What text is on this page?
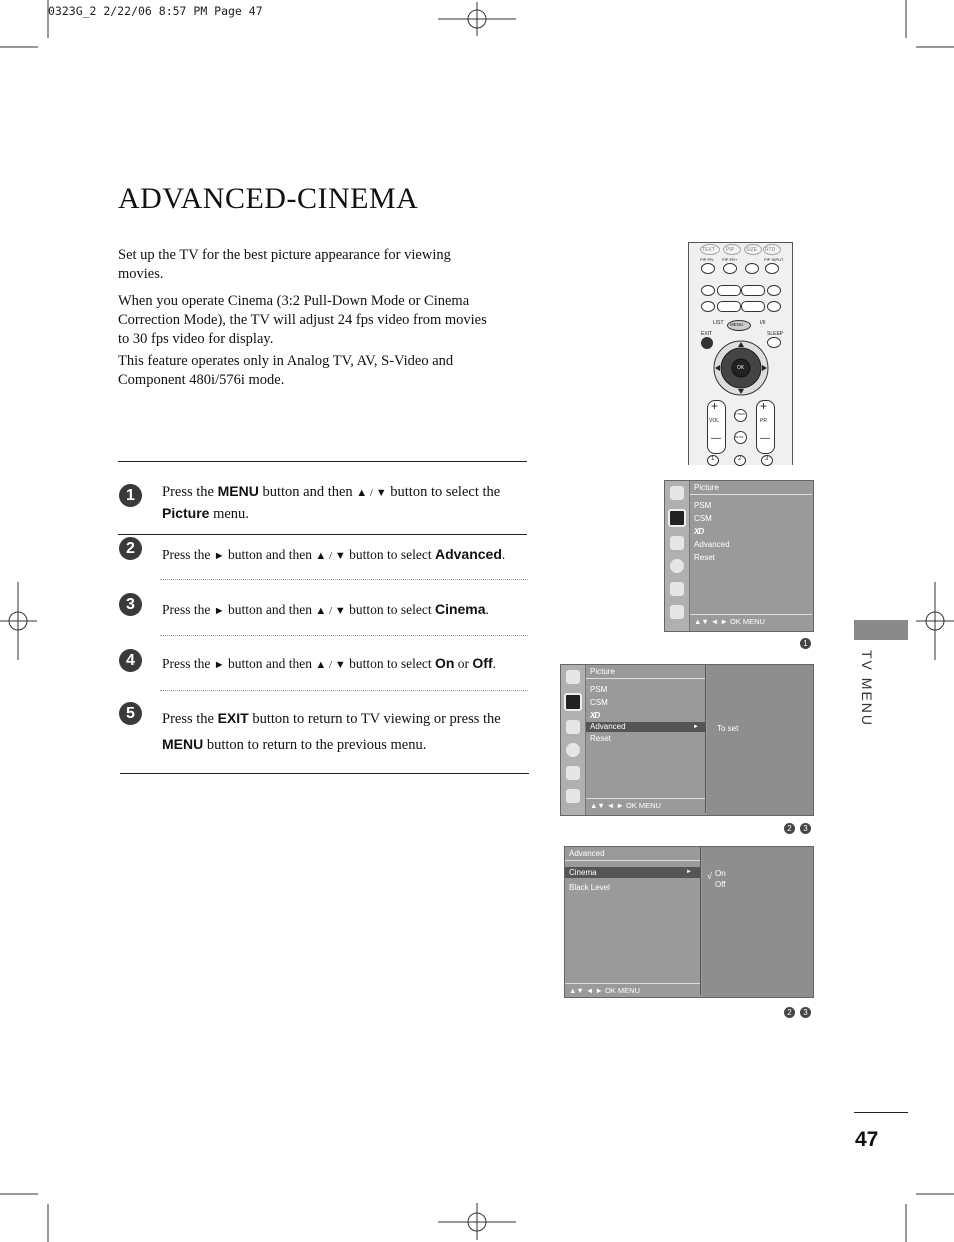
0323G_2 2/22/06 8:57 PM Page 47
ADVANCED-CINEMA
Set up the TV for the best picture appearance for viewing movies.
When you operate Cinema (3:2 Pull-Down Mode or Cinema Correction Mode), the TV will adjust 24 fps video from movies to 30 fps video for display.
This feature operates only in Analog TV, AV, S-Video and Component 480i/576i mode.
1	Press the MENU button and then ▲ / ▼ button to select the Picture menu.
2	Press the ► button and then ▲ / ▼ button to select Advanced.
3	Press the ► button and then ▲ / ▼ button to select Cinema.
4	Press the ► button and then ▲ / ▼ button to select On or Off.
5	Press the EXIT button to return to TV viewing or press the MENU button to return to the previous menu.
TEXT PIP SIZE RTD
PIP PR- PIP PR+	PIP INPUT
LIST	I/II
MENU
EXIT	SLEEP
OK
VOL	PR
+	+
—	—
Q.VIEW
MUTE
1	2	3
Picture
PSM
CSM
XD
Advanced
Reset
▲▼ ◄ ► OK MENU
1
Picture
PSM
CSM
XD
Advanced	►
Reset
▲▼ ◄ ► OK MENU
To set
2	3
Advanced
Cinema	►
Black Level
▲▼ ◄ ► OK MENU
√ On
Off
2	3
TV MENU
47
